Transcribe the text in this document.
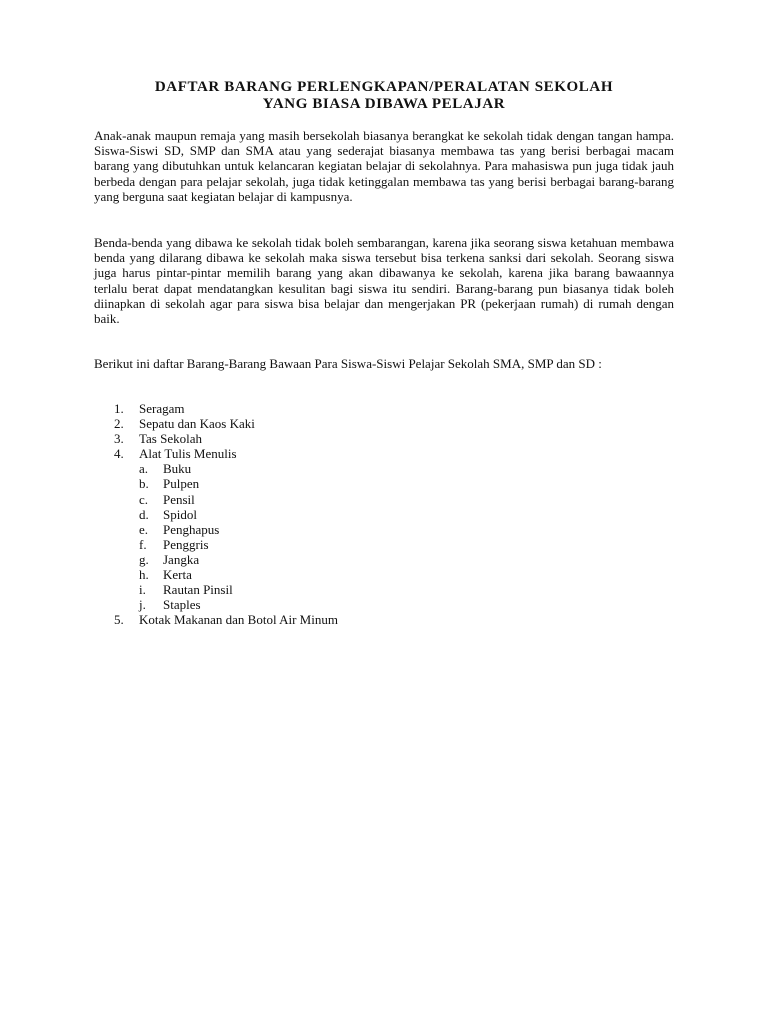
DAFTAR BARANG PERLENGKAPAN/PERALATAN SEKOLAH
YANG BIASA DIBAWA PELAJAR

Anak-anak maupun remaja yang masih bersekolah biasanya berangkat ke sekolah tidak dengan tangan hampa. Siswa-Siswi SD, SMP dan SMA atau yang sederajat biasanya membawa tas yang berisi berbagai macam barang yang dibutuhkan untuk kelancaran kegiatan belajar di sekolahnya. Para mahasiswa pun juga tidak jauh berbeda dengan para pelajar sekolah, juga tidak ketinggalan membawa tas yang berisi berbagai barang-barang yang berguna saat kegiatan belajar di kampusnya.

Benda-benda yang dibawa ke sekolah tidak boleh sembarangan, karena jika seorang siswa ketahuan membawa benda yang dilarang dibawa ke sekolah maka siswa tersebut bisa terkena sanksi dari sekolah. Seorang siswa juga harus pintar-pintar memilih barang yang akan dibawanya ke sekolah, karena jika barang bawaannya terlalu berat dapat mendatangkan kesulitan bagi siswa itu sendiri. Barang-barang pun biasanya tidak boleh diinapkan di sekolah agar para siswa bisa belajar dan mengerjakan PR (pekerjaan rumah) di rumah dengan baik.

Berikut ini daftar Barang-Barang Bawaan Para Siswa-Siswi Pelajar Sekolah SMA, SMP dan SD :

1. Seragam
2. Sepatu dan Kaos Kaki
3. Tas Sekolah
4. Alat Tulis Menulis
a. Buku
b. Pulpen
c. Pensil
d. Spidol
e. Penghapus
f. Penggris
g. Jangka
h. Kerta
i. Rautan Pinsil
j. Staples
5. Kotak Makanan dan Botol Air Minum
